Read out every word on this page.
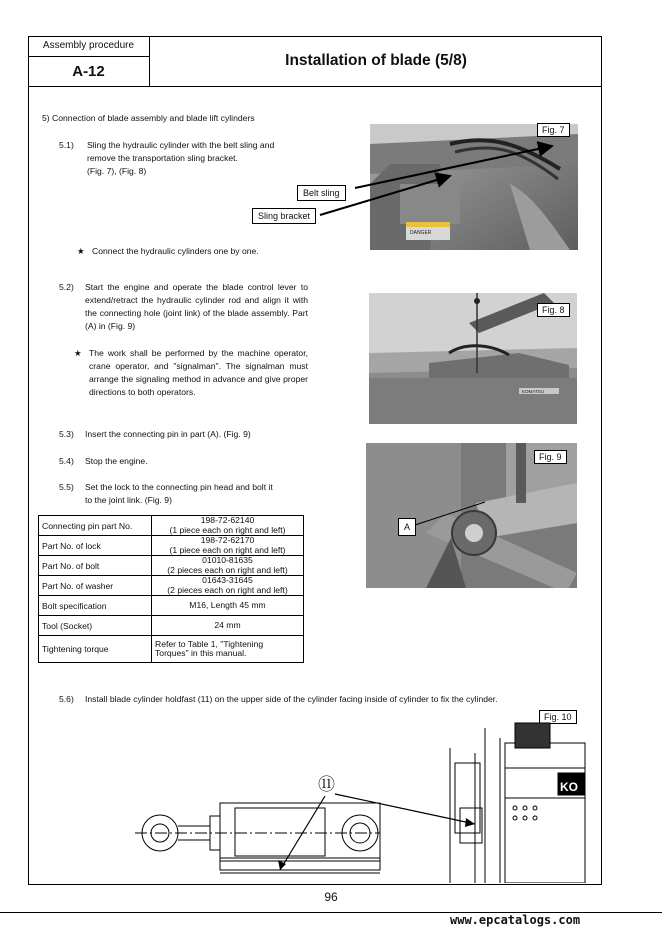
Assembly procedure
A-12
Installation of blade (5/8)
5) Connection of blade assembly and blade lift cylinders
5.1) Sling the hydraulic cylinder with the belt sling and
remove the transportation sling bracket.
(Fig. 7), (Fig. 8)
★ Connect the hydraulic cylinders one by one.
5.2) Start the engine and operate the blade control lever to extend/retract the hydraulic cylinder rod and align it with the connecting hole (joint link) of the blade assembly. Part (A) in (Fig. 9)
★ The work shall be performed by the machine operator, crane operator, and "signalman". The signalman must arrange the signaling method in advance and give proper directions to both operators.
5.3) Insert the connecting pin in part (A). (Fig. 9)
5.4) Stop the engine.
5.5) Set the lock to the connecting pin head and bolt it
to the joint link. (Fig. 9)
Connecting pin part No.	198-72-62140
(1 piece each on right and left)
Part No. of lock	198-72-62170
(1 piece each on right and left)
Part No. of bolt	01010-81635
(2 pieces each on right and left)
Part No. of washer	01643-31645
(2 pieces each on right and left)
Bolt specification	M16, Length 45 mm
Tool (Socket)	24 mm
Tightening torque	Refer to Table 1, "Tightening
Torques" in this manual.
5.6) Install blade cylinder holdfast (11) on the upper side of the cylinder facing inside of cylinder to fix the cylinder.
DANGER
Fig. 7
Belt sling
Sling bracket
KOMATSU
Fig. 8
Fig. 9
A
Fig. 10
⑪	KO
96
www.epcatalogs.com
